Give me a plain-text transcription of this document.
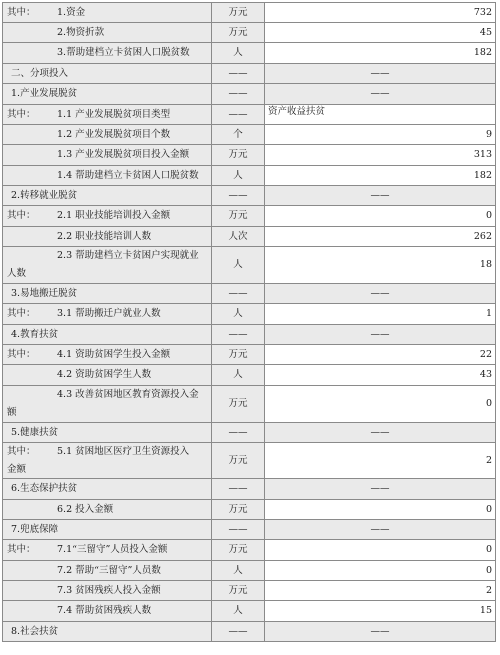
其中：	1.资金	万元	732
2.物资折款	万元	45
3.帮助建档立卡贫困人口脱贫数	人	182
二、分项投入	——	——
1.产业发展脱贫	——	——
其中：	1.1 产业发展脱贫项目类型	——	资产收益扶贫
1.2 产业发展脱贫项目个数	个	9
1.3 产业发展脱贫项目投入金额	万元	313
1.4 帮助建档立卡贫困人口脱贫数	人	182
2.转移就业脱贫	——	——
其中：	2.1 职业技能培训投入金额	万元	0
2.2 职业技能培训人数	人次	262
2.3 帮助建档立卡贫困户实现就业
人数
人	18
3.易地搬迁脱贫	——	——
其中：	3.1 帮助搬迁户就业人数	人	1
4.教育扶贫	——	——
其中：	4.1 资助贫困学生投入金额	万元	22
4.2 资助贫困学生人数	人	43
4.3 改善贫困地区教育资源投入金
额
万元	0
5.健康扶贫	——	——
其中： 5.1 贫困地区医疗卫生资源投入
金额
万元	2
6.生态保护扶贫	——	——
6.2 投入金额	万元	0
7.兜底保障	——	——
其中：	7.1“三留守”人员投入金额	万元	0
7.2 帮助“三留守”人员数	人	0
7.3 贫困残疾人投入金额	万元	2
7.4 帮助贫困残疾人数	人	15
8.社会扶贫	——	——
